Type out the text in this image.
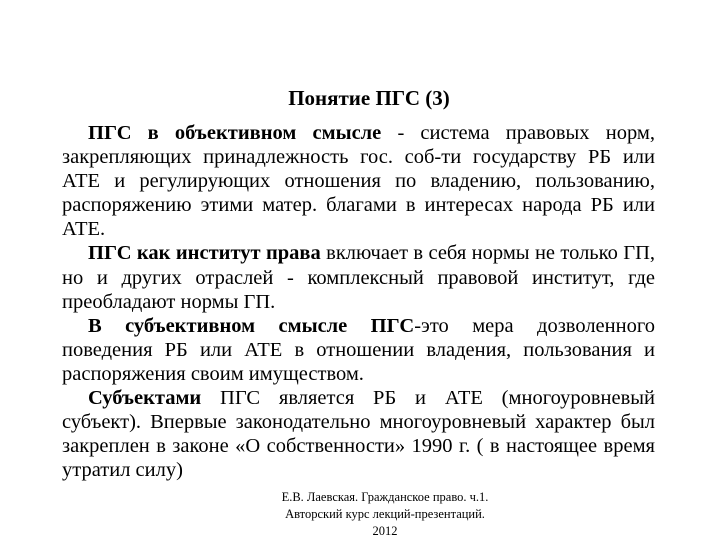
Понятие ПГС (3)

ПГС в объективном смысле - система правовых норм, закрепляющих принадлежность гос. соб-ти государству РБ или АТЕ и регулирующих отношения по владению, пользованию, распоряжению этими матер. благами в интересах народа РБ или АТЕ.

ПГС как институт права включает в себя нормы не только ГП, но и других отраслей - комплексный правовой институт, где преобладают нормы ГП.

В субъективном смысле ПГС-это мера дозволенного поведения РБ или АТЕ в отношении владения, пользования и распоряжения своим имуществом.

Субъектами ПГС является РБ и АТЕ (многоуровневый субъект). Впервые законодательно многоуровневый характер был закреплен в законе «О собственности» 1990 г. ( в настоящее время утратил силу)

Е.В. Лаевская. Гражданское право. ч.1.
Авторский курс лекций-презентаций.
2012
